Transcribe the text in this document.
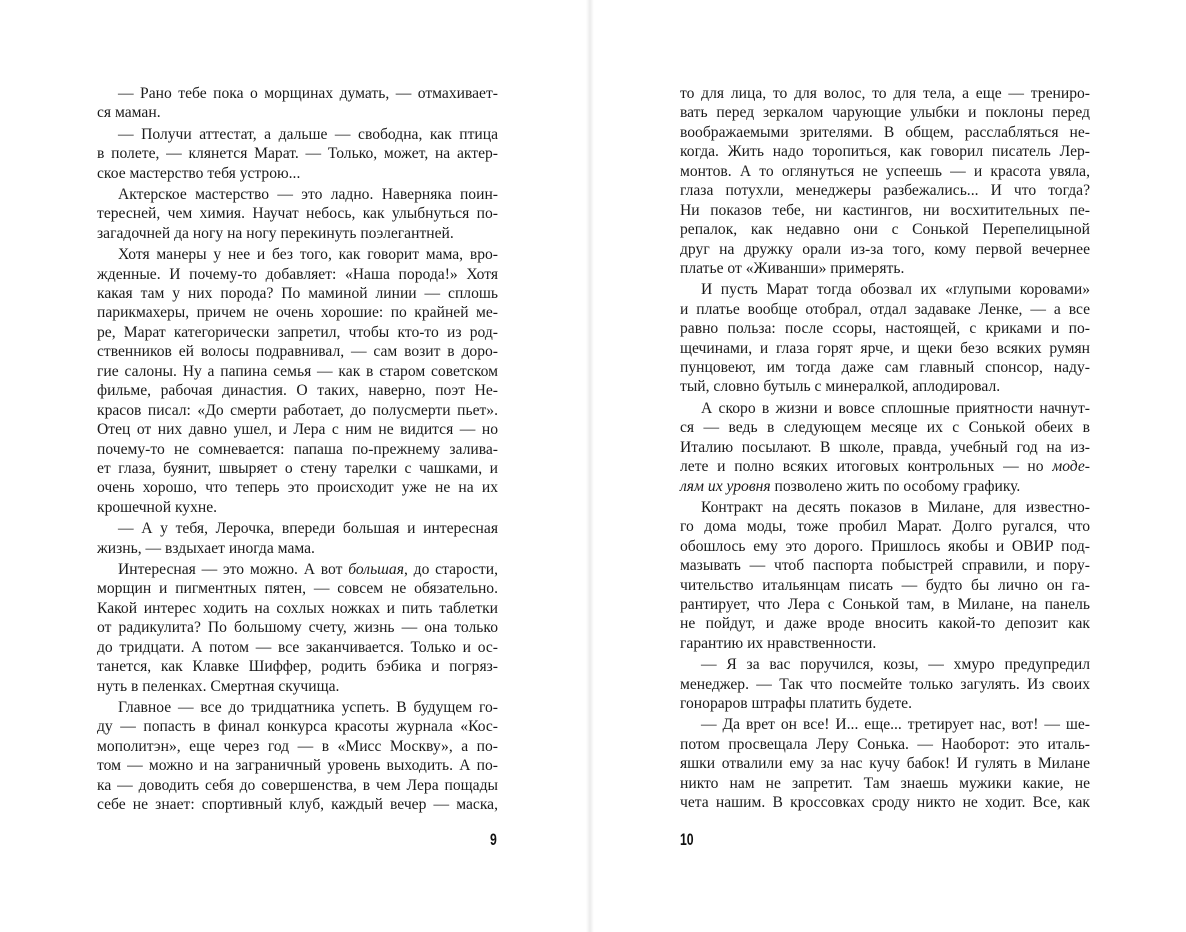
— Рано тебе пока о морщинах думать, — отмахивает-
ся маман.
— Получи аттестат, а дальше — свободна, как птица
в полете, — клянется Марат. — Только, может, на актер-
ское мастерство тебя устрою...
Актерское мастерство — это ладно. Наверняка поин-
тересней, чем химия. Научат небось, как улыбнуться по-
загадочней да ногу на ногу перекинуть поэлегантней.
Хотя манеры у нее и без того, как говорит мама, вро-
жденные. И почему-то добавляет: «Наша порода!» Хотя
какая там у них порода? По маминой линии — сплошь
парикмахеры, причем не очень хорошие: по крайней ме-
ре, Марат категорически запретил, чтобы кто-то из род-
ственников ей волосы подравнивал, — сам возит в доро-
гие салоны. Ну а папина семья — как в старом советском
фильме, рабочая династия. О таких, наверно, поэт Не-
красов писал: «До смерти работает, до полусмерти пьет».
Отец от них давно ушел, и Лера с ним не видится — но
почему-то не сомневается: папаша по-прежнему залива-
ет глаза, буянит, швыряет о стену тарелки с чашками, и
очень хорошо, что теперь это происходит уже не на их
крошечной кухне.
— А у тебя, Лерочка, впереди большая и интересная
жизнь, — вздыхает иногда мама.
Интересная — это можно. А вот большая, до старости,
морщин и пигментных пятен, — совсем не обязательно.
Какой интерес ходить на сохлых ножках и пить таблетки
от радикулита? По большому счету, жизнь — она только
до тридцати. А потом — все заканчивается. Только и ос-
танется, как Клавке Шиффер, родить бэбика и погряз-
нуть в пеленках. Смертная скучища.
Главное — все до тридцатника успеть. В будущем го-
ду — попасть в финал конкурса красоты журнала «Кос-
мополитэн», еще через год — в «Мисс Москву», а по-
том — можно и на заграничный уровень выходить. А по-
ка — доводить себя до совершенства, в чем Лера пощады
себе не знает: спортивный клуб, каждый вечер — маска,
то для лица, то для волос, то для тела, а еще — трениро-
вать перед зеркалом чарующие улыбки и поклоны перед
воображаемыми зрителями. В общем, расслабляться не-
когда. Жить надо торопиться, как говорил писатель Лер-
монтов. А то оглянуться не успеешь — и красота увяла,
глаза потухли, менеджеры разбежались... И что тогда?
Ни показов тебе, ни кастингов, ни восхитительных пе-
репалок, как недавно они с Сонькой Перепелицыной
друг на дружку орали из-за того, кому первой вечернее
платье от «Живанши» примерять.
И пусть Марат тогда обозвал их «глупыми коровами»
и платье вообще отобрал, отдал задаваке Ленке, — а все
равно польза: после ссоры, настоящей, с криками и по-
щечинами, и глаза горят ярче, и щеки безо всяких румян
пунцовеют, им тогда даже сам главный спонсор, наду-
тый, словно бутыль с минералкой, аплодировал.
А скоро в жизни и вовсе сплошные приятности начнут-
ся — ведь в следующем месяце их с Сонькой обеих в
Италию посылают. В школе, правда, учебный год на из-
лете и полно всяких итоговых контрольных — но моде-
лям их уровня позволено жить по особому графику.
Контракт на десять показов в Милане, для известно-
го дома моды, тоже пробил Марат. Долго ругался, что
обошлось ему это дорого. Пришлось якобы и ОВИР под-
мазывать — чтоб паспорта побыстрей справили, и пору-
чительство итальянцам писать — будто бы лично он га-
рантирует, что Лера с Сонькой там, в Милане, на панель
не пойдут, и даже вроде вносить какой-то депозит как
гарантию их нравственности.
— Я за вас поручился, козы, — хмуро предупредил
менеджер. — Так что посмейте только загулять. Из своих
гонораров штрафы платить будете.
— Да врет он все! И... еще... третирует нас, вот! — ше-
потом просвещала Леру Сонька. — Наоборот: это италь-
яшки отвалили ему за нас кучу бабок! И гулять в Милане
никто нам не запретит. Там знаешь мужики какие, не
чета нашим. В кроссовках сроду никто не ходит. Все, как
9	10
